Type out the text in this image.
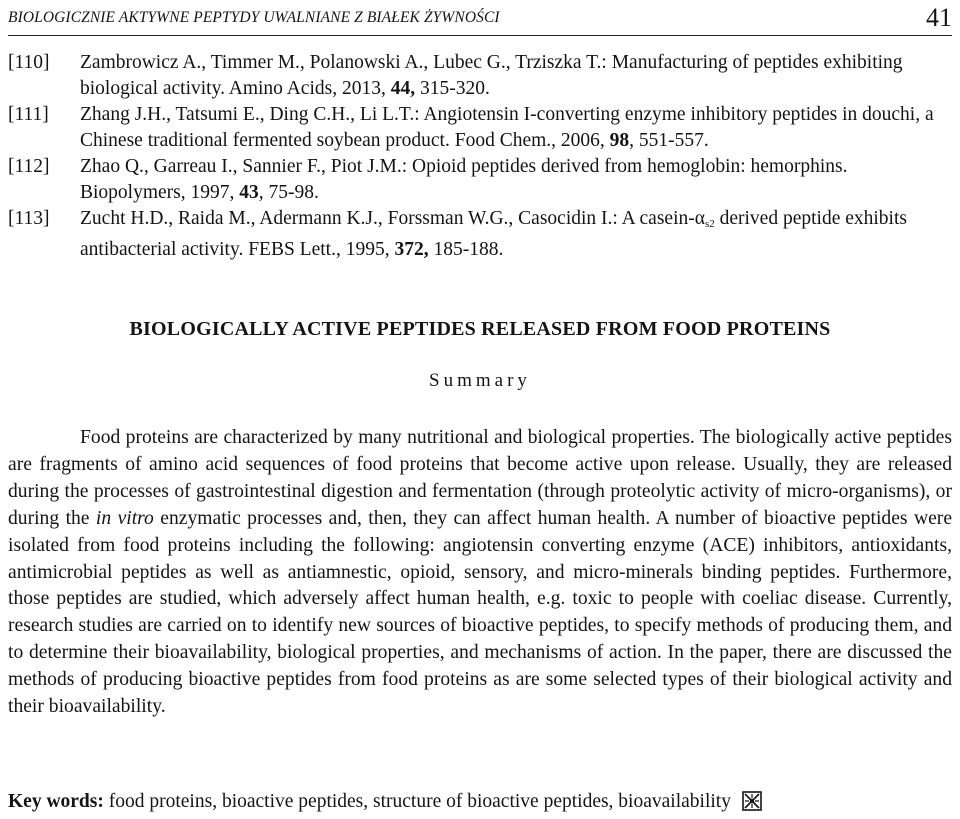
BIOLOGICZNIE AKTYWNE PEPTYDY UWALNIANE Z BIAŁEK ŻYWNOŚCI	41
[110] Zambrowicz A., Timmer M., Polanowski A., Lubec G., Trziszka T.: Manufacturing of peptides exhibiting biological activity. Amino Acids, 2013, 44, 315-320.
[111] Zhang J.H., Tatsumi E., Ding C.H., Li L.T.: Angiotensin I-converting enzyme inhibitory peptides in douchi, a Chinese traditional fermented soybean product. Food Chem., 2006, 98, 551-557.
[112] Zhao Q., Garreau I., Sannier F., Piot J.M.: Opioid peptides derived from hemoglobin: hemorphins. Biopolymers, 1997, 43, 75-98.
[113] Zucht H.D., Raida M., Adermann K.J., Forssman W.G., Casocidin I.: A casein-$\alpha_{s2}$ derived peptide exhibits antibacterial activity. FEBS Lett., 1995, 372, 185-188.
BIOLOGICALLY ACTIVE PEPTIDES RELEASED FROM FOOD PROTEINS
Summary

Food proteins are characterized by many nutritional and biological properties. The biologically active peptides are fragments of amino acid sequences of food proteins that become active upon release. Usually, they are released during the processes of gastrointestinal digestion and fermentation (through proteolytic activity of micro-organisms), or during the in vitro enzymatic processes and, then, they can affect human health. A number of bioactive peptides were isolated from food proteins including the following: angiotensin converting enzyme (ACE) inhibitors, antioxidants, antimicrobial peptides as well as antiamnestic, opioid, sensory, and micro-minerals binding peptides. Furthermore, those peptides are studied, which adversely affect human health, e.g. toxic to people with coeliac disease. Currently, research studies are carried on to identify new sources of bioactive peptides, to specify methods of producing them, and to determine their bioavailability, biological properties, and mechanisms of action. In the paper, there are discussed the methods of producing bioactive peptides from food proteins as are some selected types of their biological activity and their bioavailability.

Key words: food proteins, bioactive peptides, structure of bioactive peptides, bioavailability
